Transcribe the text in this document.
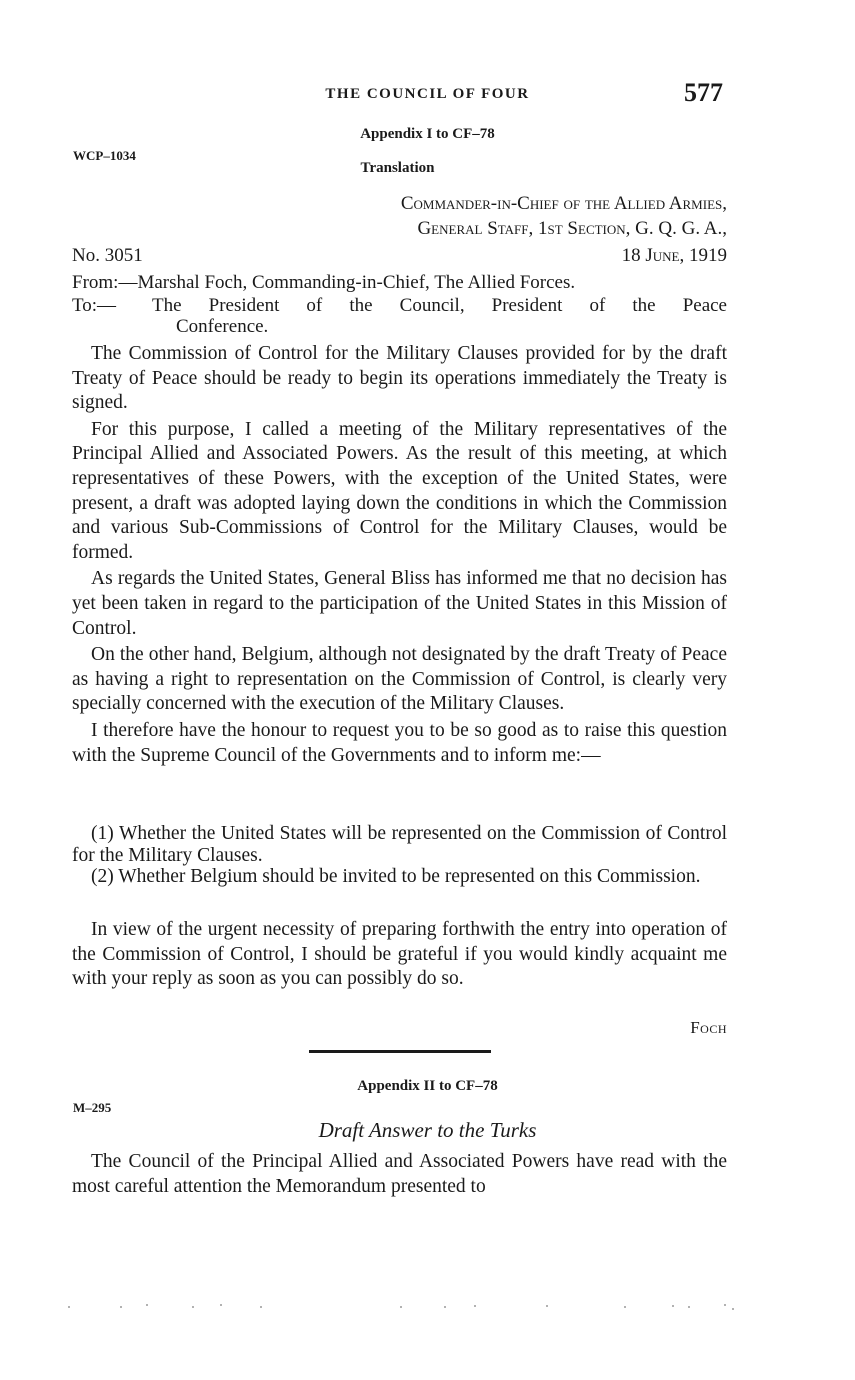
THE COUNCIL OF FOUR	577
Appendix I to CF–78
WCP–1034
Translation
Commander-in-Chief of the Allied Armies,
General Staff, 1st Section, G. Q. G. A.,
No. 3051	18 June, 1919
From:—Marshal Foch, Commanding-in-Chief, The Allied Forces.
To:— The President of the Council, President of the Peace
Conference.

The Commission of Control for the Military Clauses provided for by the draft Treaty of Peace should be ready to begin its operations immediately the Treaty is signed.

For this purpose, I called a meeting of the Military representatives of the Principal Allied and Associated Powers. As the result of this meeting, at which representatives of these Powers, with the exception of the United States, were present, a draft was adopted laying down the conditions in which the Commission and various Sub-Commissions of Control for the Military Clauses, would be formed.

As regards the United States, General Bliss has informed me that no decision has yet been taken in regard to the participation of the United States in this Mission of Control.

On the other hand, Belgium, although not designated by the draft Treaty of Peace as having a right to representation on the Commission of Control, is clearly very specially concerned with the execution of the Military Clauses.

I therefore have the honour to request you to be so good as to raise this question with the Supreme Council of the Governments and to inform me:—

(1) Whether the United States will be represented on the Commission of Control for the Military Clauses.
(2) Whether Belgium should be invited to be represented on this Commission.

In view of the urgent necessity of preparing forthwith the entry into operation of the Commission of Control, I should be grateful if you would kindly acquaint me with your reply as soon as you can possibly do so.

Foch
Appendix II to CF–78
M–295
Draft Answer to the Turks

The Council of the Principal Allied and Associated Powers have read with the most careful attention the Memorandum presented to
